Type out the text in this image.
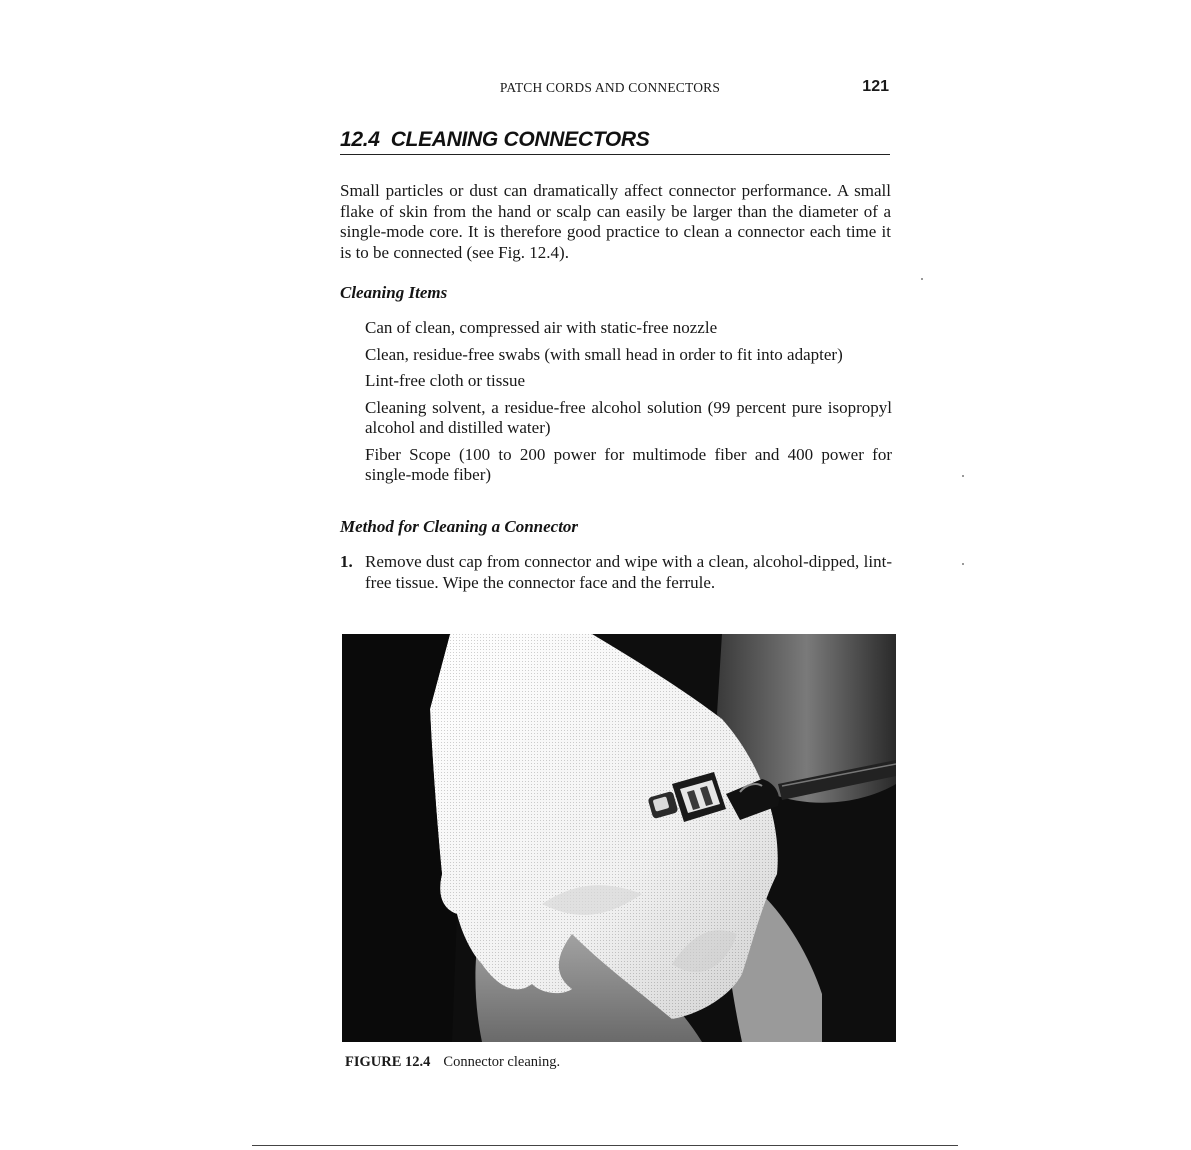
PATCH CORDS AND CONNECTORS	121
12.4 CLEANING CONNECTORS

Small particles or dust can dramatically affect connector performance. A small flake of skin from the hand or scalp can easily be larger than the diameter of a single-mode core. It is therefore good practice to clean a connector each time it is to be connected (see Fig. 12.4).

Cleaning Items
Can of clean, compressed air with static-free nozzle
Clean, residue-free swabs (with small head in order to fit into adapter)
Lint-free cloth or tissue
Cleaning solvent, a residue-free alcohol solution (99 percent pure isopropyl alcohol and distilled water)
Fiber Scope (100 to 200 power for multimode fiber and 400 power for single-mode fiber)
Method for Cleaning a Connector
1. Remove dust cap from connector and wipe with a clean, alcohol-dipped, lint-free tissue. Wipe the connector face and the ferrule.
FIGURE 12.4 Connector cleaning.
